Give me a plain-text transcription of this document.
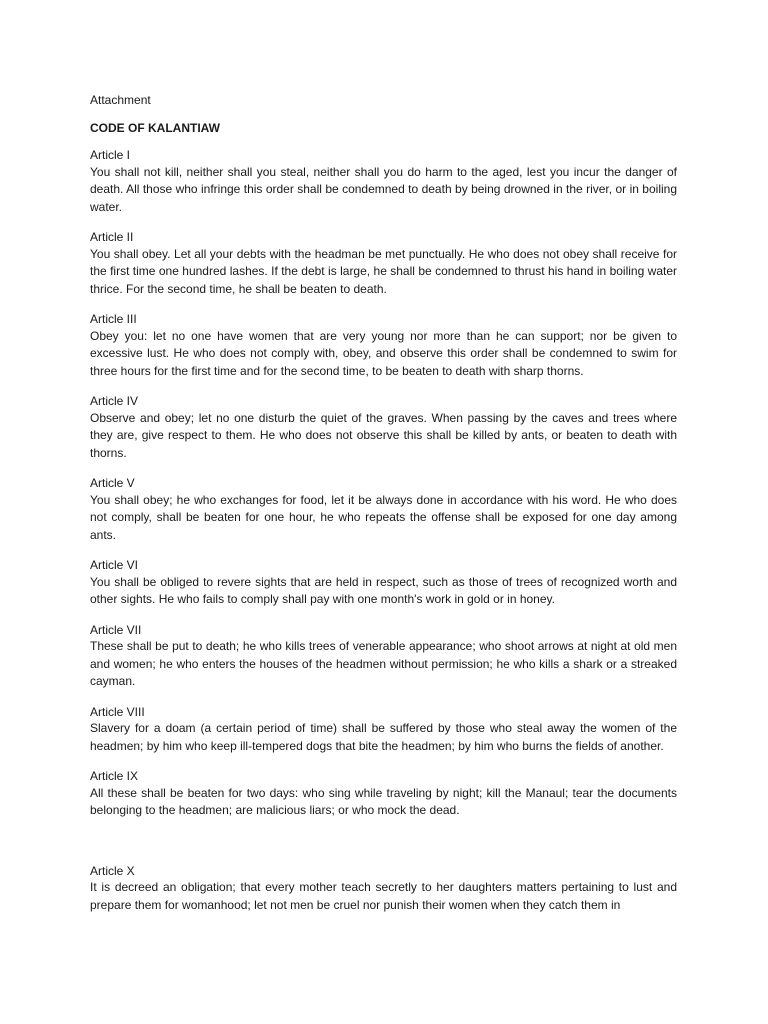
Attachment
CODE OF KALANTIAW
Article I

You shall not kill, neither shall you steal, neither shall you do harm to the aged, lest you incur the danger of death. All those who infringe this order shall be condemned to death by being drowned in the river, or in boiling water.

Article II

You shall obey. Let all your debts with the headman be met punctually. He who does not obey shall receive for the first time one hundred lashes. If the debt is large, he shall be condemned to thrust his hand in boiling water thrice. For the second time, he shall be beaten to death.

Article III

Obey you: let no one have women that are very young nor more than he can support; nor be given to excessive lust. He who does not comply with, obey, and observe this order shall be condemned to swim for three hours for the first time and for the second time, to be beaten to death with sharp thorns.

Article IV

Observe and obey; let no one disturb the quiet of the graves. When passing by the caves and trees where they are, give respect to them. He who does not observe this shall be killed by ants, or beaten to death with thorns.

Article V

You shall obey; he who exchanges for food, let it be always done in accordance with his word. He who does not comply, shall be beaten for one hour, he who repeats the offense shall be exposed for one day among ants.

Article VI

You shall be obliged to revere sights that are held in respect, such as those of trees of recognized worth and other sights. He who fails to comply shall pay with one month's work in gold or in honey.

Article VII

These shall be put to death; he who kills trees of venerable appearance; who shoot arrows at night at old men and women; he who enters the houses of the headmen without permission; he who kills a shark or a streaked cayman.

Article VIII

Slavery for a doam (a certain period of time) shall be suffered by those who steal away the women of the headmen; by him who keep ill-tempered dogs that bite the headmen; by him who burns the fields of another.

Article IX

All these shall be beaten for two days: who sing while traveling by night; kill the Manaul; tear the documents belonging to the headmen; are malicious liars; or who mock the dead.

Article X

It is decreed an obligation; that every mother teach secretly to her daughters matters pertaining to lust and prepare them for womanhood; let not men be cruel nor punish their women when they catch them in
